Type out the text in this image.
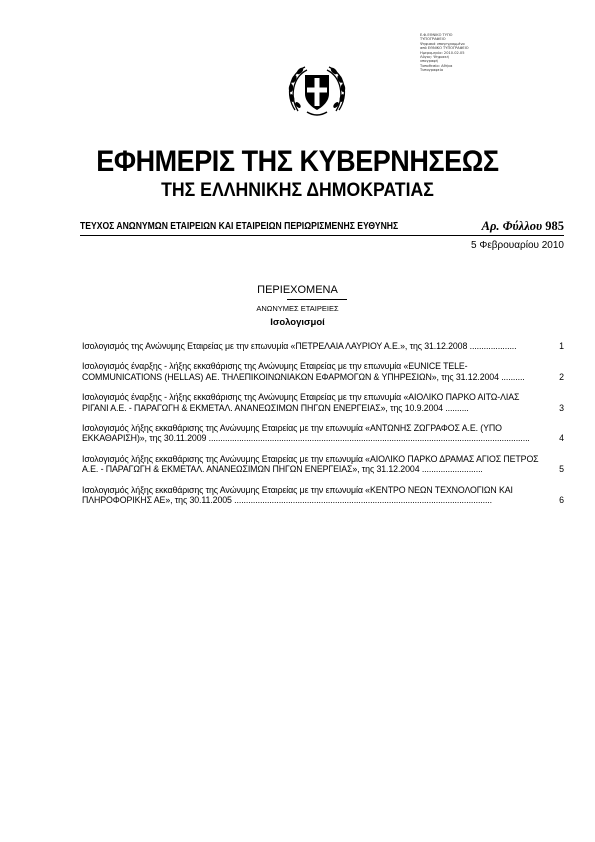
Ε.Φ.ΕΘΝΙΚΟ ΤΥΠΟ
ΤΥΠΟΓΡΑΦΕΙΟ
Ψηφιακά υπογεγραμμένο
από ΕΘΝΙΚΟ ΤΥΠΟΓΡΑΦΕΙΟ
Ημερομηνία: 2010.02.05
Λόγος: Ψηφιακή
υπογραφή
Τοποθεσία: Αθήνα
Τυπογραφείο
ΕΦΗΜΕΡΙΣ ΤΗΣ ΚΥΒΕΡΝΗΣΕΩΣ
ΤΗΣ ΕΛΛΗΝΙΚΗΣ ΔΗΜΟΚΡΑΤΙΑΣ
ΤΕΥΧΟΣ ΑΝΩΝΥΜΩΝ ΕΤΑΙΡΕΙΩΝ ΚΑΙ ΕΤΑΙΡΕΙΩΝ ΠΕΡΙΩΡΙΣΜΕΝΗΣ ΕΥΘΥΝΗΣ	Αρ. Φύλλου 985
5 Φεβρουαρίου 2010
ΠΕΡΙΕΧΟΜΕΝΑ
ΑΝΩΝΥΜΕΣ ΕΤΑΙΡΕΙΕΣ
Ισολογισμοί
Ισολογισμός της Ανώνυμης Εταιρείας με την επωνυμία «ΠΕΤΡΕΛΑΙΑ ΛΑΥΡΙΟΥ Α.Ε.», της 31.12.2008 ....................	1
Ισολογισμός έναρξης - λήξης εκκαθάρισης της Ανώνυμης Εταιρείας με την επωνυμία «EUNICE TELE-COMMUNICATIONS (HELLAS) ΑΕ. ΤΗΛΕΠΙΚΟΙΝΩΝΙΑΚΩΝ ΕΦΑΡΜΟΓΩΝ & ΥΠΗΡΕΣΙΩΝ», της 31.12.2004 ..........	2
Ισολογισμός έναρξης - λήξης εκκαθάρισης της Ανώνυμης Εταιρείας με την επωνυμία «ΑΙΟΛΙΚΟ ΠΑΡΚΟ ΑΙΤΩ-ΛΙΑΣ ΡΙΓΑΝΙ Α.Ε. - ΠΑΡΑΓΩΓΗ & ΕΚΜΕΤΑΛ. ΑΝΑΝΕΩΣΙΜΩΝ ΠΗΓΩΝ ΕΝΕΡΓΕΙΑΣ», της 10.9.2004 ..........	3
Ισολογισμός λήξης εκκαθάρισης της Ανώνυμης Εταιρείας με την επωνυμία «ΑΝΤΩΝΗΣ ΖΩΓΡΑΦΟΣ Α.Ε. (ΥΠΟ ΕΚΚΑΘΑΡΙΣΗ)», της 30.11.2009 .........................................................................................................................................	4
Ισολογισμός λήξης εκκαθάρισης της Ανώνυμης Εταιρείας με την επωνυμία «ΑΙΟΛΙΚΟ ΠΑΡΚΟ ΔΡΑΜΑΣ ΑΓΙΟΣ ΠΕΤΡΟΣ Α.Ε. - ΠΑΡΑΓΩΓΗ & ΕΚΜΕΤΑΛ. ΑΝΑΝΕΩΣΙΜΩΝ ΠΗΓΩΝ ΕΝΕΡΓΕΙΑΣ», της 31.12.2004 ..........................	5
Ισολογισμός λήξης εκκαθάρισης της Ανώνυμης Εταιρείας με την επωνυμία «ΚΕΝΤΡΟ ΝΕΩΝ ΤΕΧΝΟΛΟΓΙΩΝ ΚΑΙ ΠΛΗΡΟΦΟΡΙΚΗΣ ΑΕ», της 30.11.2005 ..............................................................................................................	6
